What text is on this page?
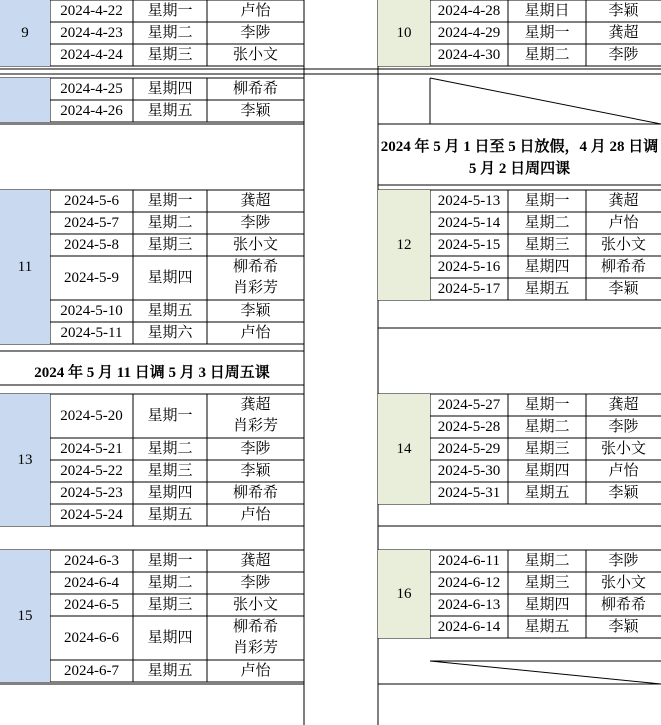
2024 年 5 月 1 日至 5 日放假，4 月 28 日调
5 月 2 日周四课
2024 年 5 月 11 日调 5 月 3 日周五课
9
2024-4-22	星期一	卢怡
2024-4-23	星期二	李陟
2024-4-24	星期三	张小文
2024-4-25	星期四	柳希希
2024-4-26	星期五	李颖
11
2024-5-6	星期一	龚超
2024-5-7	星期二	李陟
2024-5-8	星期三	张小文
2024-5-9	星期四
柳希希
肖彩芳
2024-5-10	星期五	李颖
2024-5-11	星期六	卢怡
13
2024-5-20	星期一
龚超
肖彩芳
2024-5-21	星期二	李陟
2024-5-22	星期三	李颖
2024-5-23	星期四	柳希希
2024-5-24	星期五	卢怡
15
2024-6-3	星期一	龚超
2024-6-4	星期二	李陟
2024-6-5	星期三	张小文
2024-6-6	星期四
柳希希
肖彩芳
2024-6-7	星期五	卢怡
10
2024-4-28	星期日	李颖
2024-4-29	星期一	龚超
2024-4-30	星期二	李陟
12
2024-5-13	星期一	龚超
2024-5-14	星期二	卢怡
2024-5-15	星期三	张小文
2024-5-16	星期四	柳希希
2024-5-17	星期五	李颖
14
2024-5-27	星期一	龚超
2024-5-28	星期二	李陟
2024-5-29	星期三	张小文
2024-5-30	星期四	卢怡
2024-5-31	星期五	李颖
16
2024-6-11	星期二	李陟
2024-6-12	星期三	张小文
2024-6-13	星期四	柳希希
2024-6-14	星期五	李颖
